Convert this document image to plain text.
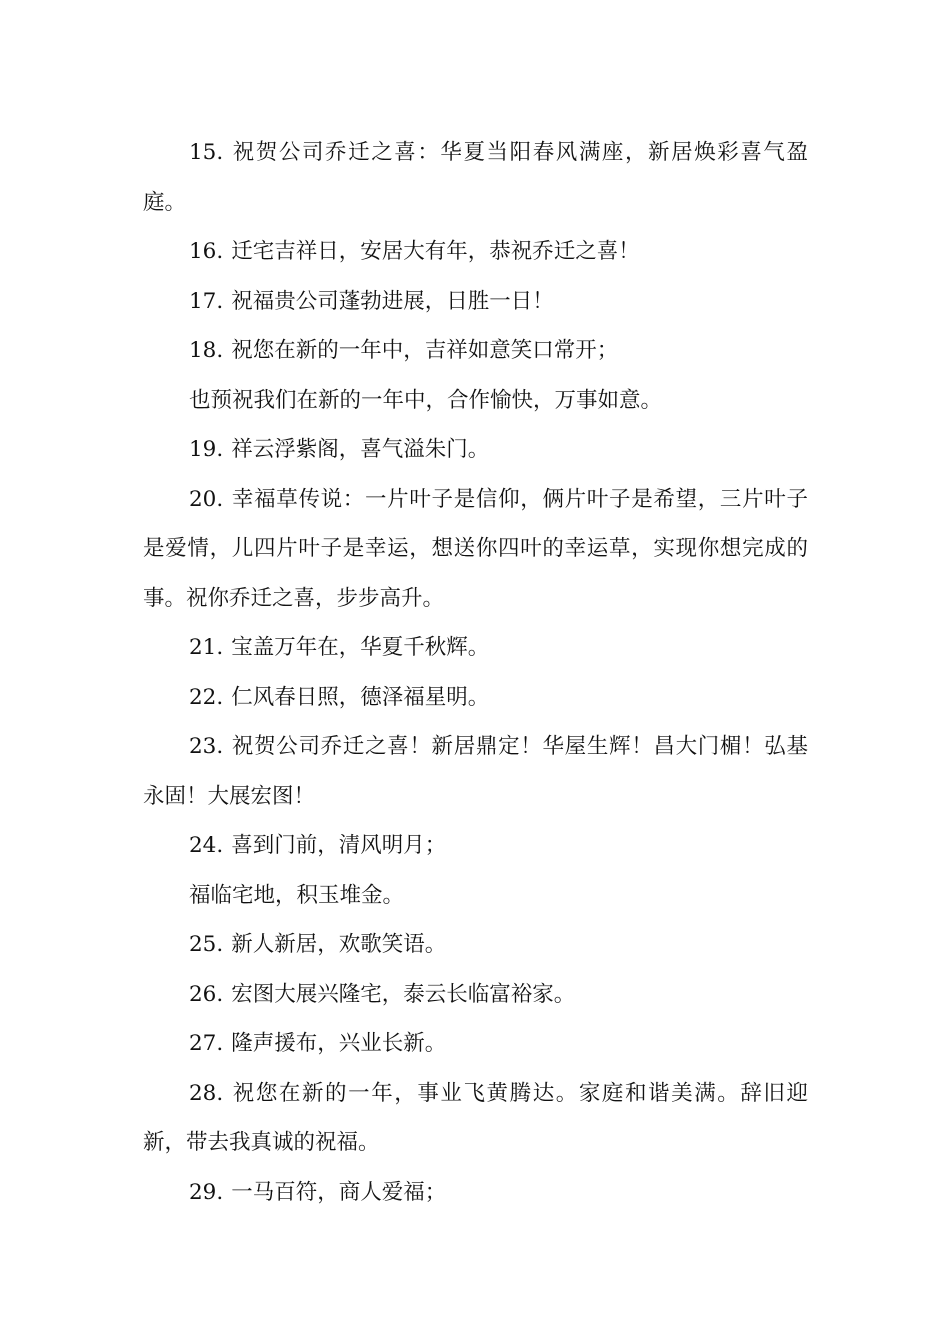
15. 祝贺公司乔迁之喜：华夏当阳春风满座，新居焕彩喜气盈庭。

16. 迁宅吉祥日，安居大有年，恭祝乔迁之喜！

17. 祝福贵公司蓬勃进展，日胜一日！

18. 祝您在新的一年中，吉祥如意笑口常开；

也预祝我们在新的一年中，合作愉快，万事如意。

19. 祥云浮紫阁，喜气溢朱门。

20. 幸福草传说：一片叶子是信仰，俩片叶子是希望，三片叶子是爱情，儿四片叶子是幸运，想送你四叶的幸运草，实现你想完成的事。祝你乔迁之喜，步步高升。

21. 宝盖万年在，华夏千秋辉。

22. 仁风春日照，德泽福星明。

23. 祝贺公司乔迁之喜！新居鼎定！华屋生辉！昌大门楣！弘基永固！大展宏图！

24. 喜到门前，清风明月；

福临宅地，积玉堆金。

25. 新人新居，欢歌笑语。

26. 宏图大展兴隆宅，泰云长临富裕家。

27. 隆声援布，兴业长新。

28. 祝您在新的一年，事业飞黄腾达。家庭和谐美满。辞旧迎新，带去我真诚的祝福。

29. 一马百符，商人爱福；
